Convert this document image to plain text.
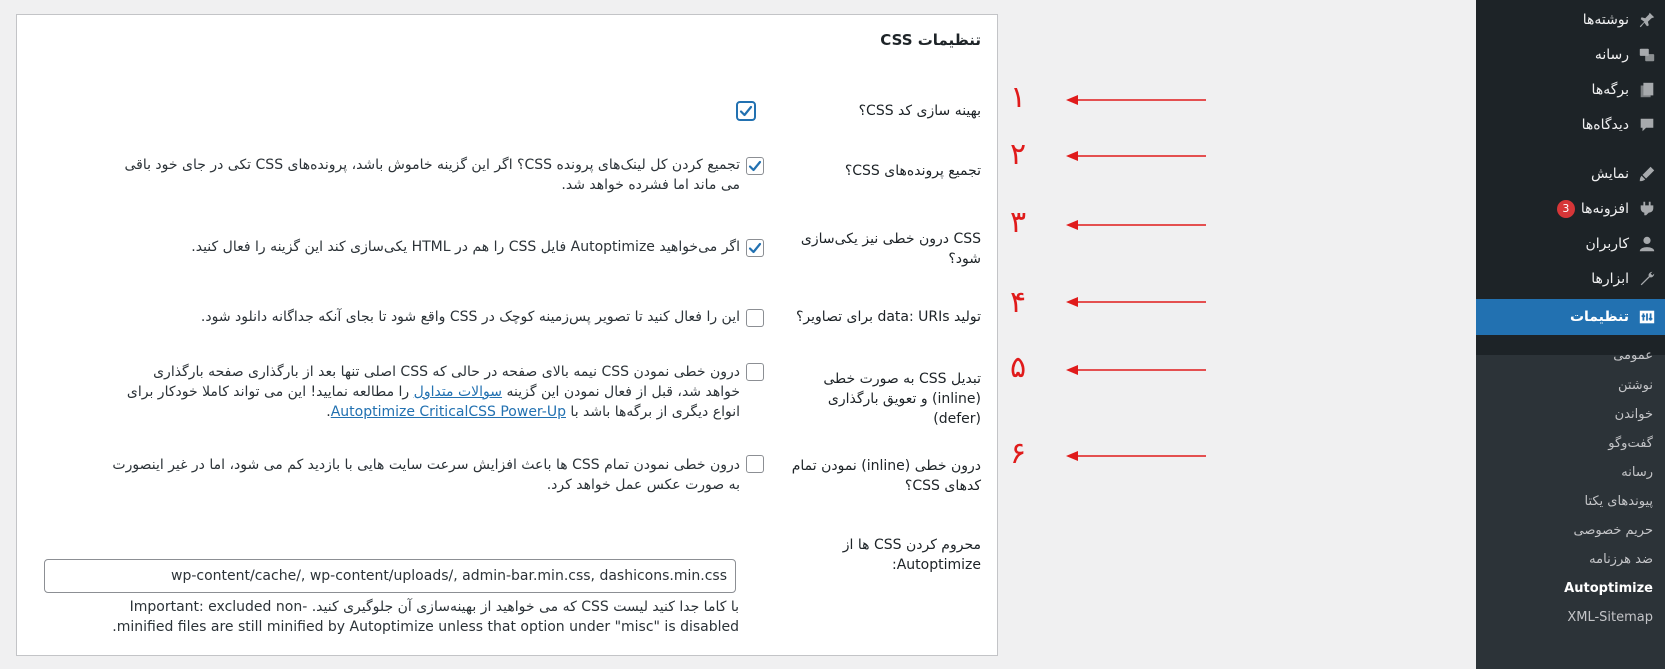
تنظیمات CSS
بهینه سازی کد CSS؟
تجمیع پرونده‌های CSS؟
تجمیع کردن کل لینک‌های پرونده CSS؟ اگر این گزینه خاموش باشد، پرونده‌های CSS تکی در جای خود باقی می ماند اما فشرده خواهد شد.
CSS درون خطی نیز یکی‌سازی شود؟
اگر می‌خواهید Autoptimize فایل CSS را هم در HTML یکی‌سازی کند این گزینه را فعال کنید.
تولید data: URIs برای تصاویر؟
این را فعال کنید تا تصویر پس‌زمینه کوچک در CSS واقع شود تا بجای آنکه جداگانه دانلود شود.
تبدیل CSS به صورت خطی (inline) و تعویق بارگذاری (defer)
درون خطی نمودن CSS نیمه بالای صفحه در حالی که CSS اصلی تنها بعد از بارگذاری صفحه بارگذاری خواهد شد، قبل از فعال نمودن این گزینه سوالات متداول را مطالعه نمایید! این می تواند کاملا خودکار برای انواع دیگری از برگه‌ها باشد با Autoptimize CriticalCSS Power-Up.
درون خطی (inline) نمودن تمام کدهای CSS؟
درون خطی نمودن تمام CSS ها باعث افزایش سرعت سایت هایی با بازدید کم می شود، اما در غیر اینصورت به صورت عکس عمل خواهد کرد.
محروم کردن CSS ها از Autoptimize:
wp-content/cache/, wp-content/uploads/, admin-bar.min.css, dashicons.min.css
با کاما جدا کنید لیست CSS که می خواهید از بهینه‌سازی آن جلوگیری کنید. Important: excluded non-minified files are still minified by Autoptimize unless that option under "misc" is disabled.
۱
۲
۳
۴
۵
۶
نوشته‌ها
رسانه
برگه‌ها
دیدگاه‌ها
نمایش
افزونه‌ها
3
کاربران
ابزارها
تنظیمات
عمومی
نوشتن
خواندن
گفت‌وگو
رسانه
پیوندهای یکتا
حریم خصوصی
ضد هرزنامه
Autoptimize
XML-Sitemap
